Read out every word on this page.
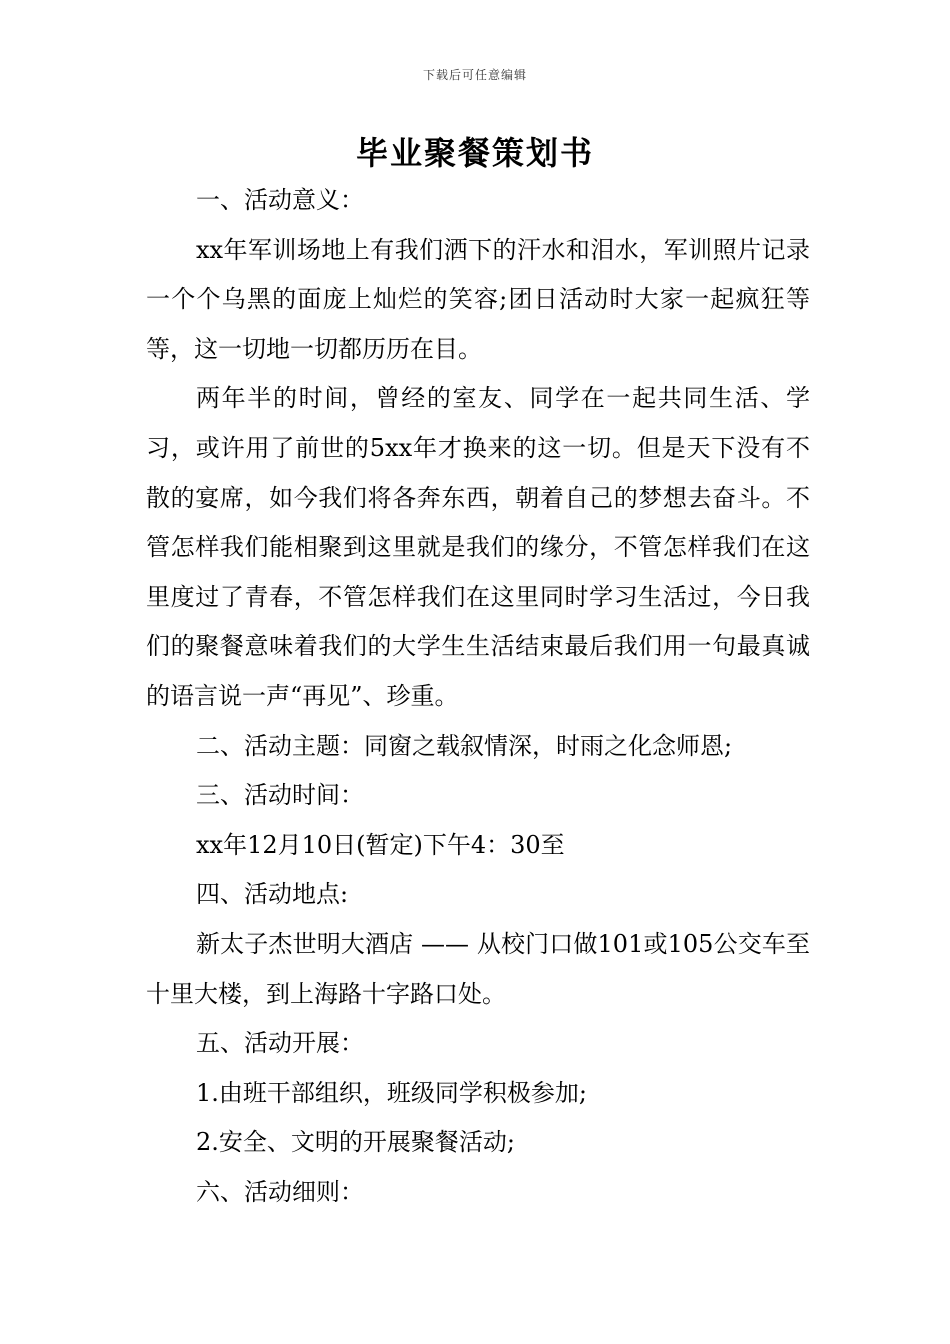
下载后可任意编辑
毕业聚餐策划书

一、活动意义：

xx年军训场地上有我们洒下的汗水和泪水，军训照片记录一个个乌黑的面庞上灿烂的笑容;团日活动时大家一起疯狂等等，这一切地一切都历历在目。

两年半的时间，曾经的室友、同学在一起共同生活、学习，或许用了前世的5xx年才换来的这一切。但是天下没有不散的宴席，如今我们将各奔东西，朝着自己的梦想去奋斗。不管怎样我们能相聚到这里就是我们的缘分，不管怎样我们在这里度过了青春，不管怎样我们在这里同时学习生活过，今日我们的聚餐意味着我们的大学生生活结束最后我们用一句最真诚的语言说一声“再见”、珍重。

二、活动主题：同窗之载叙情深，时雨之化念师恩;

三、活动时间：

xx年12月10日(暂定)下午4：30至

四、活动地点:

新太子杰世明大酒店 —— 从校门口做101或105公交车至十里大楼，到上海路十字路口处。

五、活动开展：

1.由班干部组织，班级同学积极参加;

2.安全、文明的开展聚餐活动;

六、活动细则：
